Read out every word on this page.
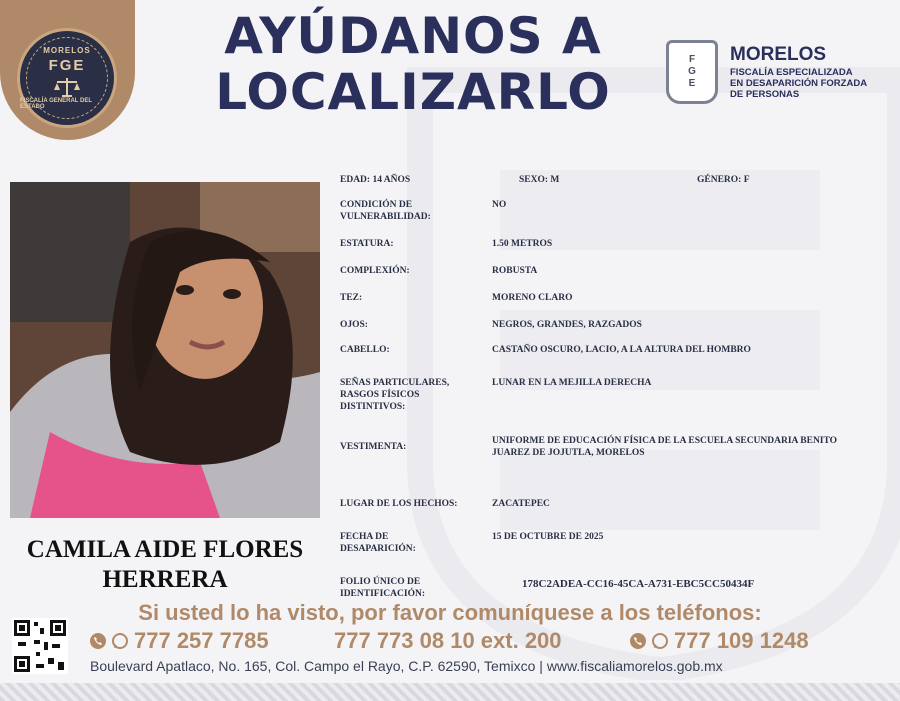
MORELOS
FGE
FISCALÍA GENERAL DEL ESTADO
AYÚDANOS A
LOCALIZARLO
F
G
E
MORELOS
FISCALÍA ESPECIALIZADA
EN DESAPARICIÓN FORZADA
DE PERSONAS
CAMILA AIDE FLORES
HERRERA
EDAD: 14 AÑOS	SEXO: M	GÉNERO: F
CONDICIÓN DE VULNERABILIDAD:
NO
ESTATURA:	1.50 METROS
COMPLEXIÓN:	ROBUSTA
TEZ:	MORENO CLARO
OJOS:	NEGROS, GRANDES, RAZGADOS
CABELLO:	CASTAÑO OSCURO, LACIO, A LA ALTURA DEL HOMBRO
SEÑAS PARTICULARES, RASGOS FÍSICOS DISTINTIVOS:
LUNAR EN LA MEJILLA DERECHA
VESTIMENTA:
UNIFORME DE EDUCACIÓN FÍSICA DE LA ESCUELA SECUNDARIA BENITO JUAREZ DE JOJUTLA, MORELOS
LUGAR DE LOS HECHOS:	ZACATEPEC
FECHA DE DESAPARICIÓN:
15 DE OCTUBRE DE 2025
FOLIO ÚNICO DE IDENTIFICACIÓN:
178C2ADEA-CC16-45CA-A731-EBC5CC50434F
Si usted lo ha visto, por favor comuníquese a los teléfonos:
777 257 7785	777 773 08 10 ext. 200	777 109 1248
Boulevard Apatlaco, No. 165, Col. Campo el Rayo, C.P. 62590, Temixco | www.fiscaliamorelos.gob.mx
